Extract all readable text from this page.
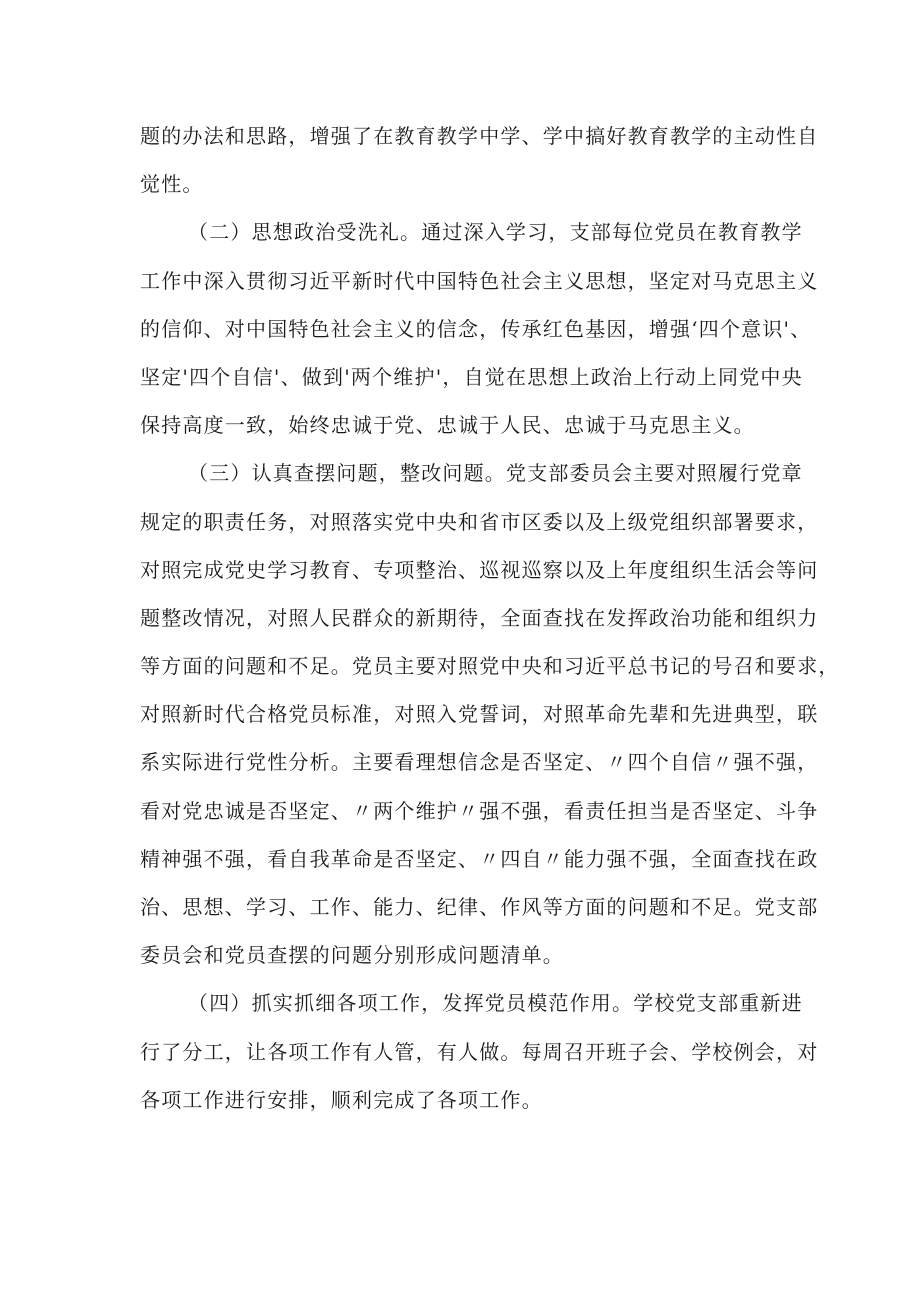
题的办法和思路，增强了在教育教学中学、学中搞好教育教学的主动性自
觉性。
（二）思想政治受洗礼。通过深入学习，支部每位党员在教育教学
工作中深入贯彻习近平新时代中国特色社会主义思想，坚定对马克思主义
的信仰、对中国特色社会主义的信念，传承红色基因，增强‘四个意识'、
坚定'四个自信'、做到'两个维护'，自觉在思想上政治上行动上同党中央
保持高度一致，始终忠诚于党、忠诚于人民、忠诚于马克思主义。
（三）认真查摆问题，整改问题。党支部委员会主要对照履行党章
规定的职责任务，对照落实党中央和省市区委以及上级党组织部署要求，
对照完成党史学习教育、专项整治、巡视巡察以及上年度组织生活会等问
题整改情况，对照人民群众的新期待，全面查找在发挥政治功能和组织力
等方面的问题和不足。党员主要对照党中央和习近平总书记的号召和要求，
对照新时代合格党员标准，对照入党誓词，对照革命先辈和先进典型，联
系实际进行党性分析。主要看理想信念是否坚定、〃四个自信〃强不强，
看对党忠诚是否坚定、〃两个维护〃强不强，看责任担当是否坚定、斗争
精神强不强，看自我革命是否坚定、〃四自〃能力强不强，全面查找在政
治、思想、学习、工作、能力、纪律、作风等方面的问题和不足。党支部
委员会和党员查摆的问题分别形成问题清单。
（四）抓实抓细各项工作，发挥党员模范作用。学校党支部重新进
行了分工，让各项工作有人管，有人做。每周召开班子会、学校例会，对
各项工作进行安排，顺利完成了各项工作。
